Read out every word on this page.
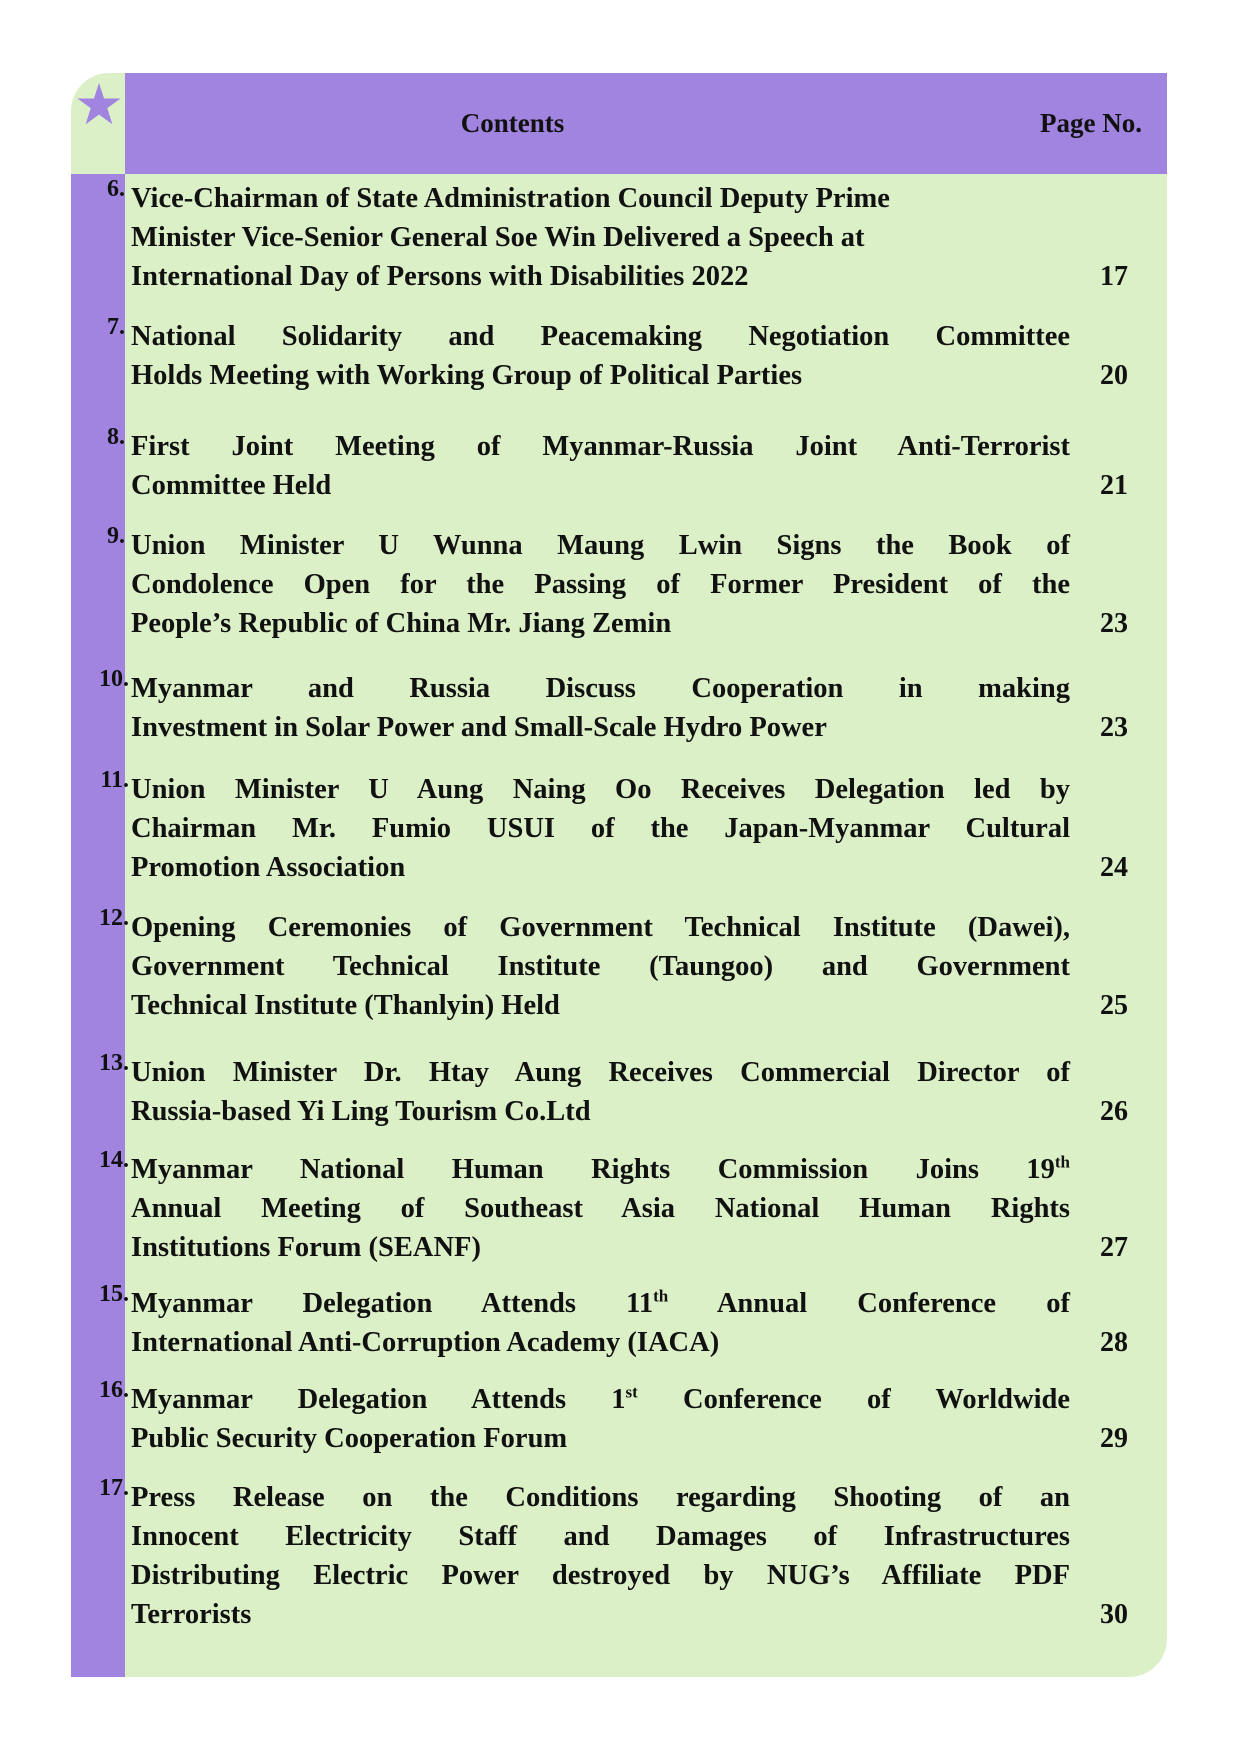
Contents	Page No.
6. Vice-Chairman of State Administration Council Deputy Prime
Minister Vice-Senior General Soe Win Delivered a Speech at
International Day of Persons with Disabilities 2022	17
7. National Solidarity and Peacemaking Negotiation Committee
Holds Meeting with Working Group of Political Parties	20
8. First Joint Meeting of Myanmar-Russia Joint Anti-Terrorist
Committee Held	21
9. Union Minister U Wunna Maung Lwin Signs the Book of
Condolence Open for the Passing of Former President of the
People’s Republic of China Mr. Jiang Zemin	23
10. Myanmar and Russia Discuss Cooperation in making
Investment in Solar Power and Small-Scale Hydro Power	23
11. Union Minister U Aung Naing Oo Receives Delegation led by
Chairman Mr. Fumio USUI of the Japan-Myanmar Cultural
Promotion Association	24
12. Opening Ceremonies of Government Technical Institute (Dawei),
Government Technical Institute (Taungoo) and Government
Technical Institute (Thanlyin) Held	25
13. Union Minister Dr. Htay Aung Receives Commercial Director of
Russia-based Yi Ling Tourism Co.Ltd	26
14. Myanmar National Human Rights Commission Joins 19th
Annual Meeting of Southeast Asia National Human Rights
Institutions Forum (SEANF)	27
15. Myanmar Delegation Attends 11th Annual Conference of
International Anti-Corruption Academy (IACA)	28
16. Myanmar Delegation Attends 1st Conference of Worldwide
Public Security Cooperation Forum	29
17. Press Release on the Conditions regarding Shooting of an
Innocent Electricity Staff and Damages of Infrastructures
Distributing Electric Power destroyed by NUG’s Affiliate PDF
Terrorists	30
